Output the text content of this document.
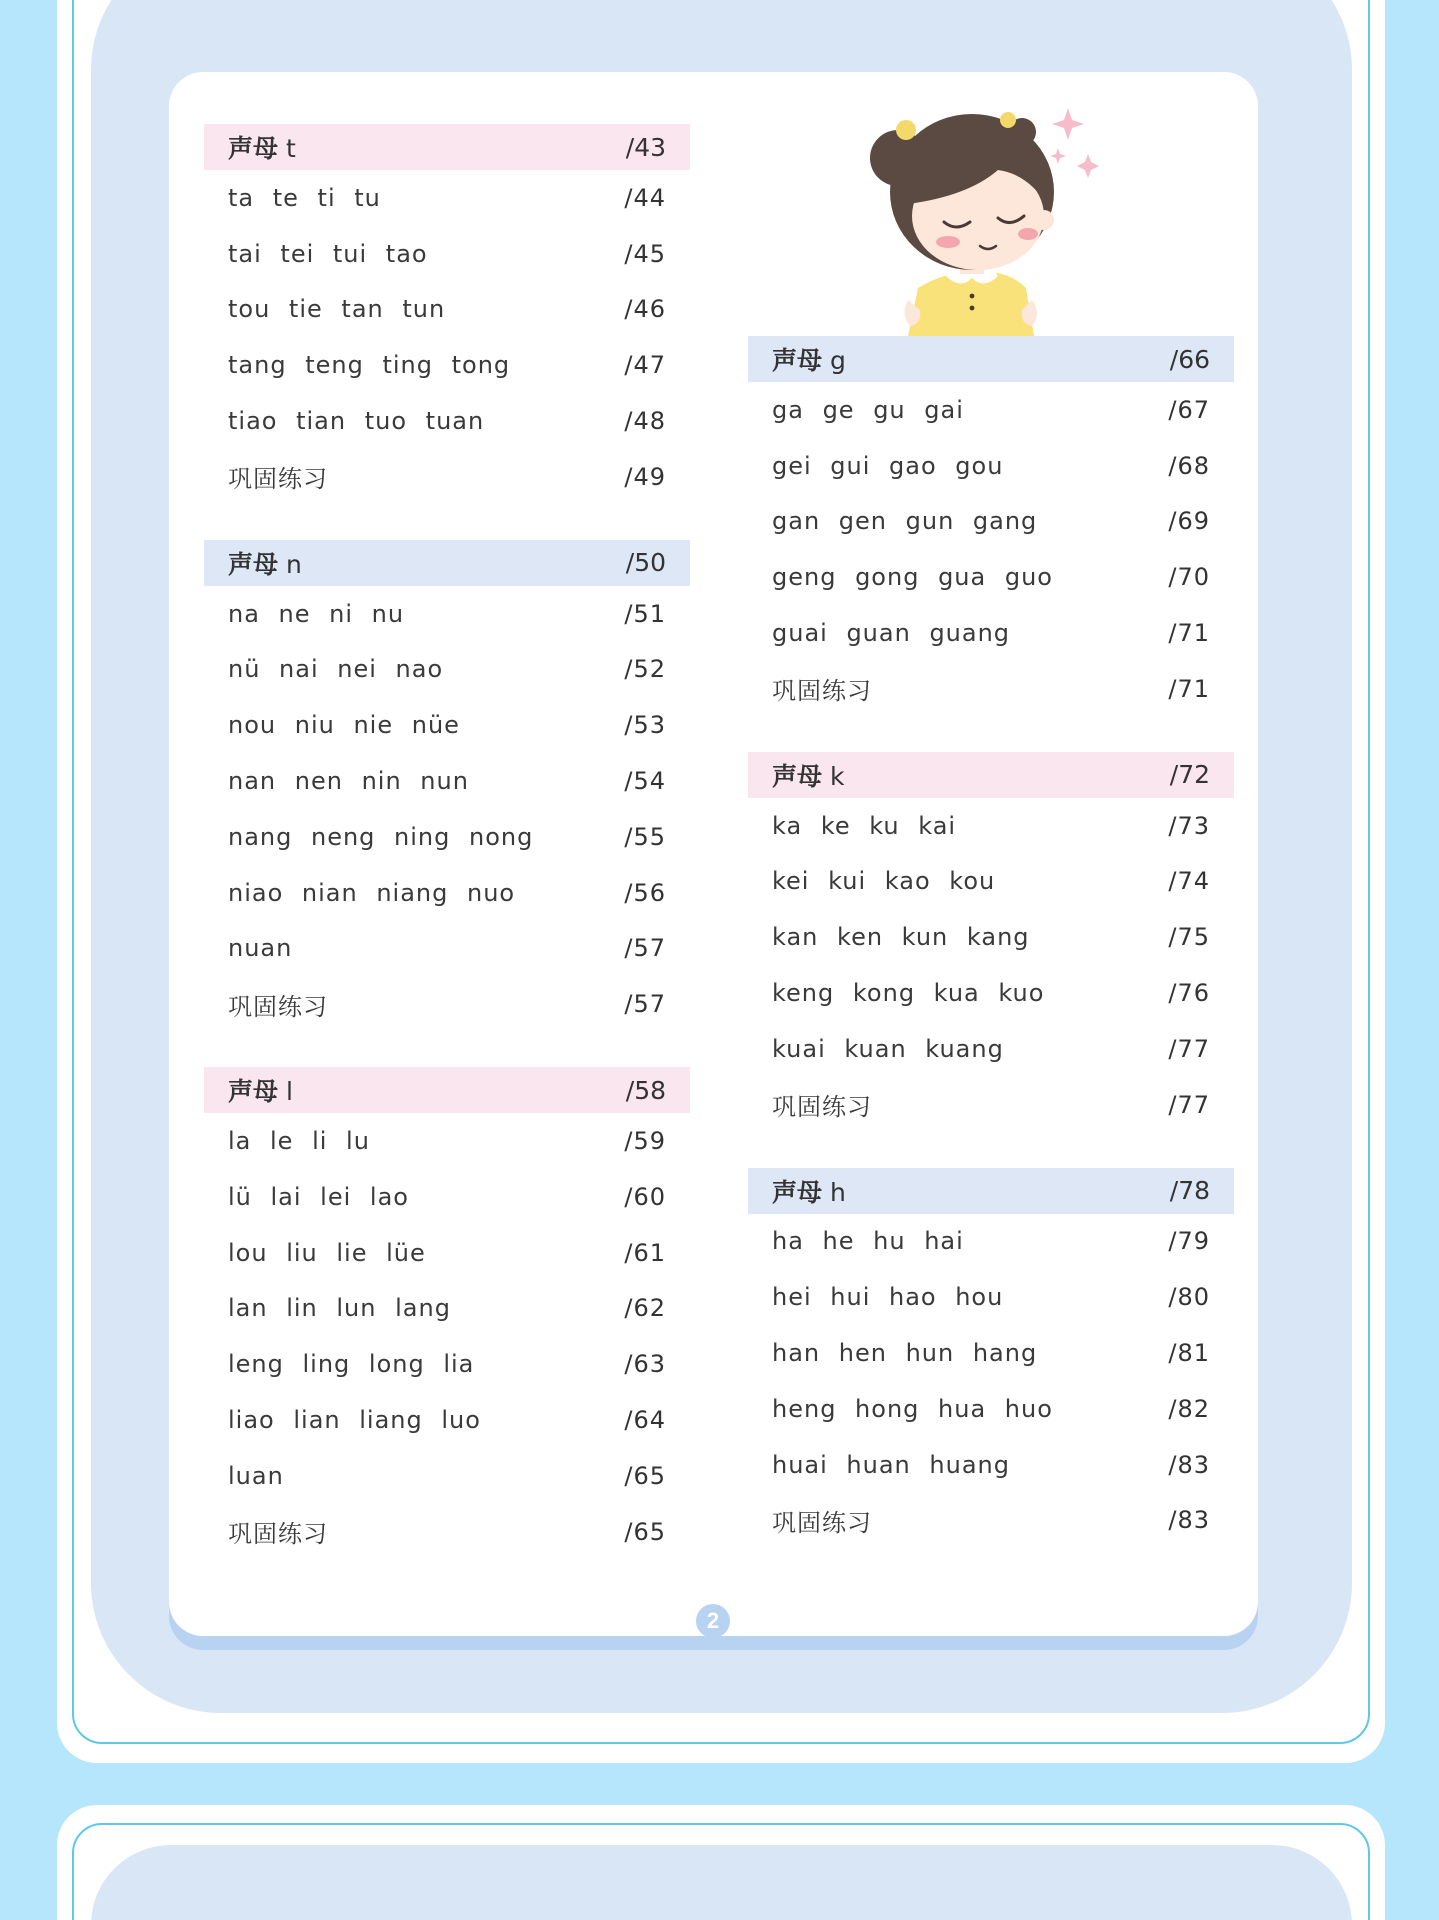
声母 t	/43
ta te ti tu	/44
tai tei tui tao	/45
tou tie tan tun	/46
tang teng ting tong	/47
tiao tian tuo tuan	/48
巩固练习	/49
声母 n	/50
na ne ni nu	/51
nü nai nei nao	/52
nou niu nie nüe	/53
nan nen nin nun	/54
nang neng ning nong	/55
niao nian niang nuo	/56
nuan	/57
巩固练习	/57
声母 l	/58
la le li lu	/59
lü lai lei lao	/60
lou liu lie lüe	/61
lan lin lun lang	/62
leng ling long lia	/63
liao lian liang luo	/64
luan	/65
巩固练习	/65
声母 g	/66
ga ge gu gai	/67
gei gui gao gou	/68
gan gen gun gang	/69
geng gong gua guo	/70
guai guan guang	/71
巩固练习	/71
声母 k	/72
ka ke ku kai	/73
kei kui kao kou	/74
kan ken kun kang	/75
keng kong kua kuo	/76
kuai kuan kuang	/77
巩固练习	/77
声母 h	/78
ha he hu hai	/79
hei hui hao hou	/80
han hen hun hang	/81
heng hong hua huo	/82
huai huan huang	/83
巩固练习	/83
2
